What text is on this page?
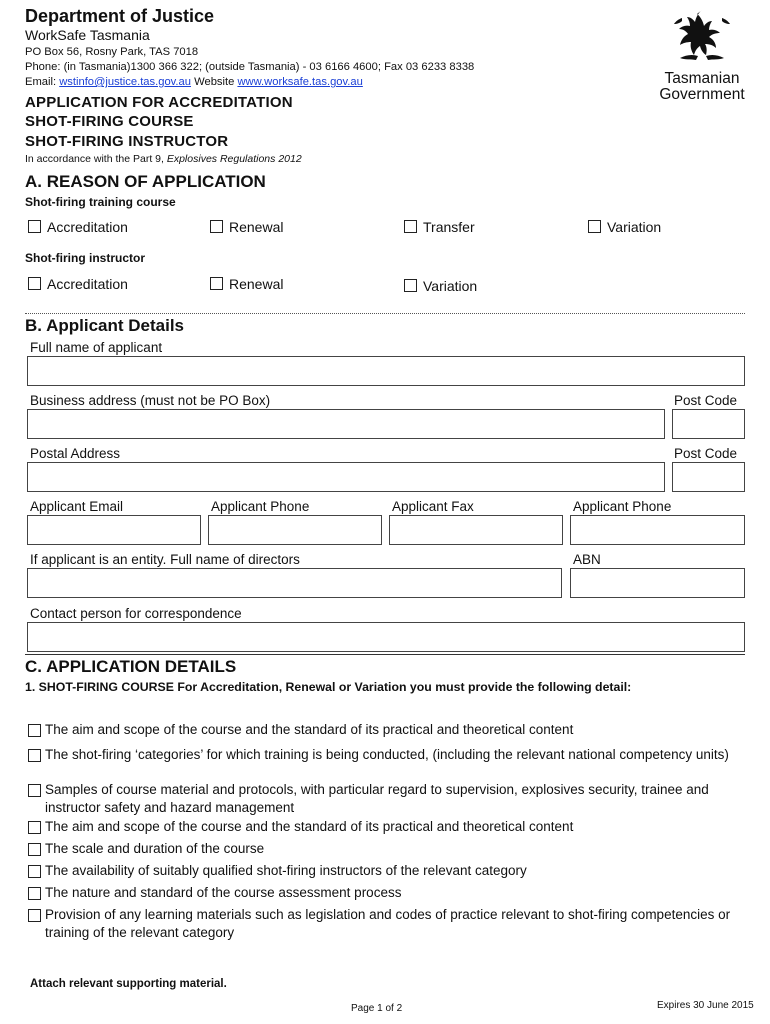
Department of Justice
WorkSafe Tasmania
PO Box 56, Rosny Park, TAS 7018
Phone: (in Tasmania)1300 366 322; (outside Tasmania) - 03 6166 4600; Fax 03 6233 8338
Email: wstinfo@justice.tas.gov.au Website www.worksafe.tas.gov.au	Tasmanian
Government
APPLICATION FOR ACCREDITATION
SHOT-FIRING COURSE
SHOT-FIRING INSTRUCTOR
In accordance with the Part 9, Explosives Regulations 2012
A. REASON OF APPLICATION
Shot-firing training course
Accreditation	Renewal	Transfer	Variation
Shot-firing instructor
Accreditation	Renewal	Variation
B. Applicant Details
Full name of applicant
Business address (must not be PO Box)	Post Code
Postal Address	Post Code
Applicant Email	Applicant Phone	Applicant Fax	Applicant Phone
If applicant is an entity. Full name of directors	ABN
Contact person for correspondence
C. APPLICATION DETAILS
1. SHOT-FIRING COURSE For Accreditation, Renewal or Variation you must provide the following detail:
The aim and scope of the course and the standard of its practical and theoretical content
The shot-firing ‘categories’ for which training is being conducted, (including the relevant national competency units)
Samples of course material and protocols, with particular regard to supervision, explosives security, trainee and instructor safety and hazard management
The aim and scope of the course and the standard of its practical and theoretical content
The scale and duration of the course
The availability of suitably qualified shot-firing instructors of the relevant category
The nature and standard of the course assessment process
Provision of any learning materials such as legislation and codes of practice relevant to shot-firing competencies or training of the relevant category
Attach relevant supporting material.
Page 1 of 2	Expires 30 June 2015
